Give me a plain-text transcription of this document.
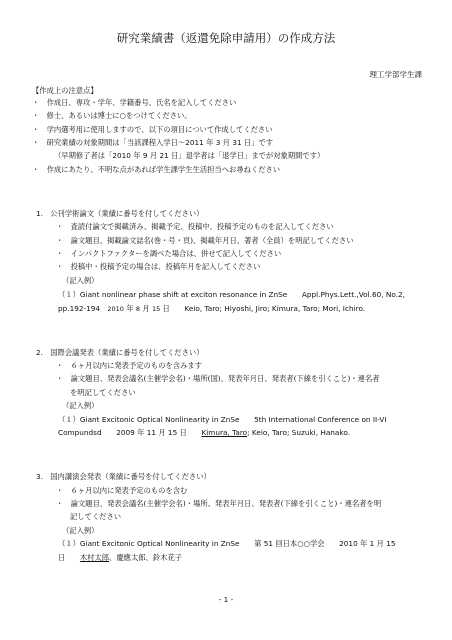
研究業績書（返還免除申請用）の作成方法
理工学部学生課
【作成上の注意点】
・　作成日、専攻・学年、学籍番号、氏名を記入してください
・　修士、あるいは博士に○をつけてください。
・　学内選考用に使用しますので、以下の項目について作成してください
・　研究業績の対象期間は「当該課程入学日～2011 年 3 月 31 日」です
（早期修了者は「2010 年 9 月 21 日」退学者は「退学日」までが対象期間です）
・　作成にあたり、不明な点があれば学生課学生生活担当へお尋ねください
1.　公刊学術論文（業績に番号を付してください）
・　査読付論文で掲載済み、掲載予定、投稿中、投稿予定のものを記入してください
・　論文題目、掲載論文誌名(巻・号・頁)、掲載年月日、著者（全員）を明記してください
・　インパクトファクターを調べた場合は、併せて記入してください
・　投稿中・投稿予定の場合は、投稿年月を記入してください
（記入例）
（１）Giant nonlinear phase shift at exciton resonance in ZnSe　　Appl.Phys.Lett.,Vol.60, No.2,
pp.192-194　2010 年 8 月 15 日　　Keio, Taro; Hiyoshi, Jiro; Kimura, Taro; Mori, Ichiro.
2.　国際会議発表（業績に番号を付してください）
・　６ヶ月以内に発表予定のものを含みます
・　論文題目、発表会議名(主催学会名)・場所(国)、発表年月日、発表者(下線を引くこと)・連名者
を明記してください
（記入例）
（１）Giant Excitonic Optical Nonlinearity in ZnSe　　5th International Conference on II-VI
Compundsd　　2009 年 11 月 15 日　　Kimura, Taro; Keio, Taro; Suzuki, Hanako.
3.　国内講演会発表（業績に番号を付してください）
・　６ヶ月以内に発表予定のものを含む
・　論文題目、発表会議名(主催学会名)・場所、発表年月日、発表者(下線を引くこと)・連名者を明
記してください
（記入例）
（１）Giant Excitonic Optical Nonlinearity in ZnSe　　第 51 回日本○○学会　　2010 年 1 月 15
日　　木村太郎、慶應太郎、鈴木花子
- 1 -
